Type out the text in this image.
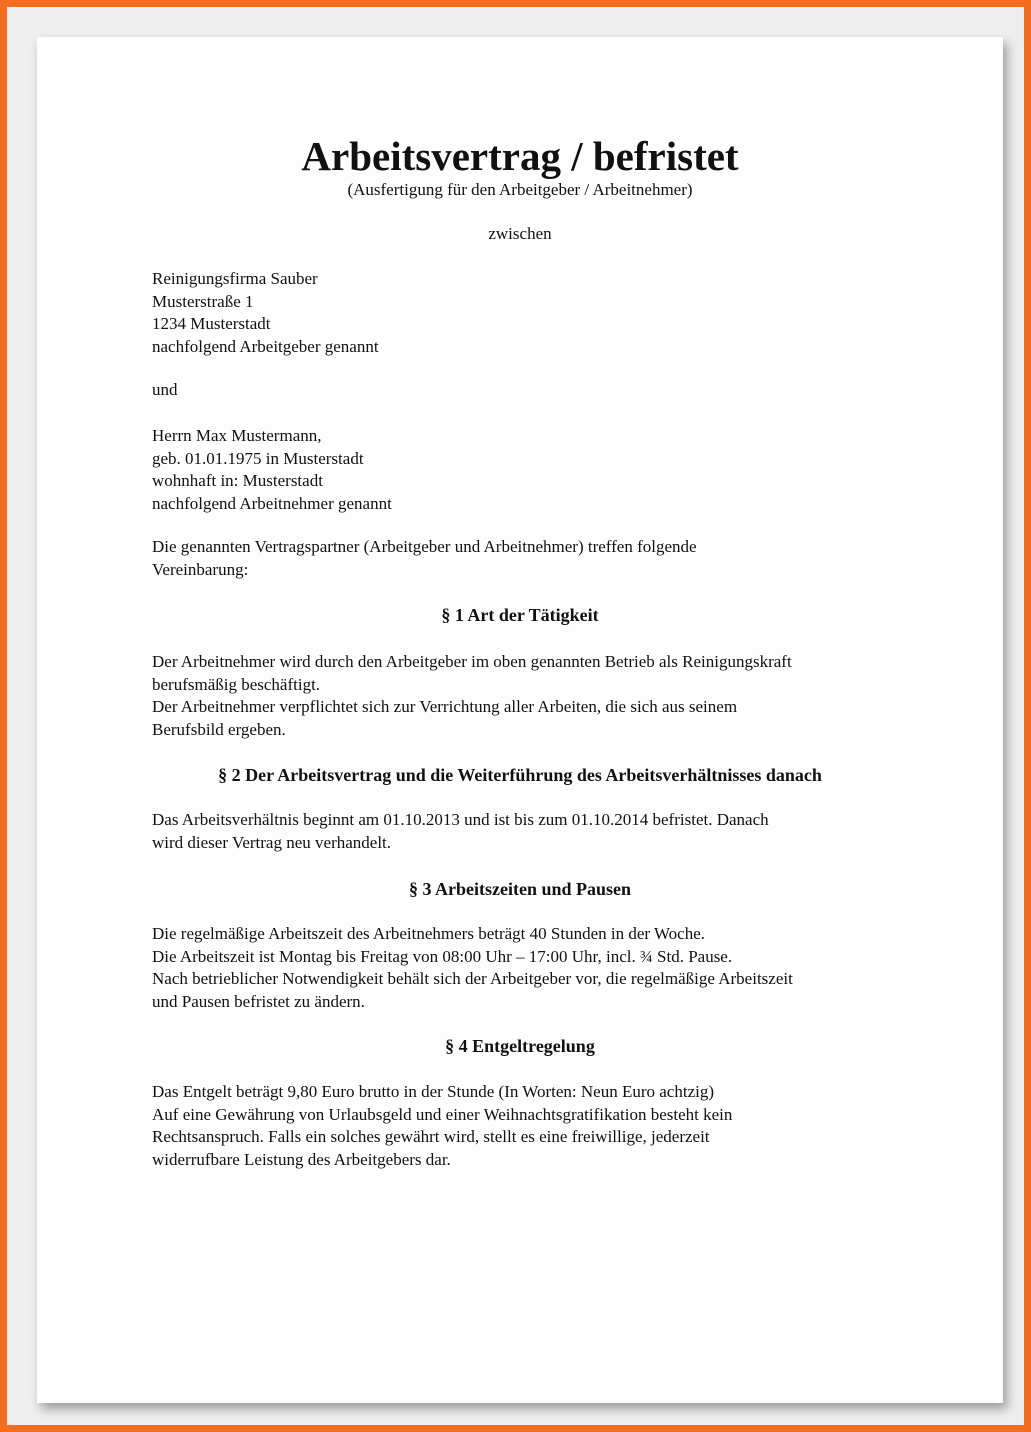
Arbeitsvertrag / befristet
(Ausfertigung für den Arbeitgeber / Arbeitnehmer)
zwischen
Reinigungsfirma Sauber
Musterstraße 1
1234 Musterstadt
nachfolgend Arbeitgeber genannt
und
Herrn Max Mustermann,
geb. 01.01.1975 in Musterstadt
wohnhaft in: Musterstadt
nachfolgend Arbeitnehmer genannt
Die genannten Vertragspartner (Arbeitgeber und Arbeitnehmer) treffen folgende
Vereinbarung:
§ 1 Art der Tätigkeit
Der Arbeitnehmer wird durch den Arbeitgeber im oben genannten Betrieb als Reinigungskraft
berufsmäßig beschäftigt.
Der Arbeitnehmer verpflichtet sich zur Verrichtung aller Arbeiten, die sich aus seinem
Berufsbild ergeben.
§ 2 Der Arbeitsvertrag und die Weiterführung des Arbeitsverhältnisses danach
Das Arbeitsverhältnis beginnt am 01.10.2013 und ist bis zum 01.10.2014 befristet. Danach
wird dieser Vertrag neu verhandelt.
§ 3 Arbeitszeiten und Pausen
Die regelmäßige Arbeitszeit des Arbeitnehmers beträgt 40 Stunden in der Woche.
Die Arbeitszeit ist Montag bis Freitag von 08:00 Uhr – 17:00 Uhr, incl. ¾ Std. Pause.
Nach betrieblicher Notwendigkeit behält sich der Arbeitgeber vor, die regelmäßige Arbeitszeit
und Pausen befristet zu ändern.
§ 4 Entgeltregelung
Das Entgelt beträgt 9,80 Euro brutto in der Stunde (In Worten: Neun Euro achtzig)
Auf eine Gewährung von Urlaubsgeld und einer Weihnachtsgratifikation besteht kein
Rechtsanspruch. Falls ein solches gewährt wird, stellt es eine freiwillige, jederzeit
widerrufbare Leistung des Arbeitgebers dar.
